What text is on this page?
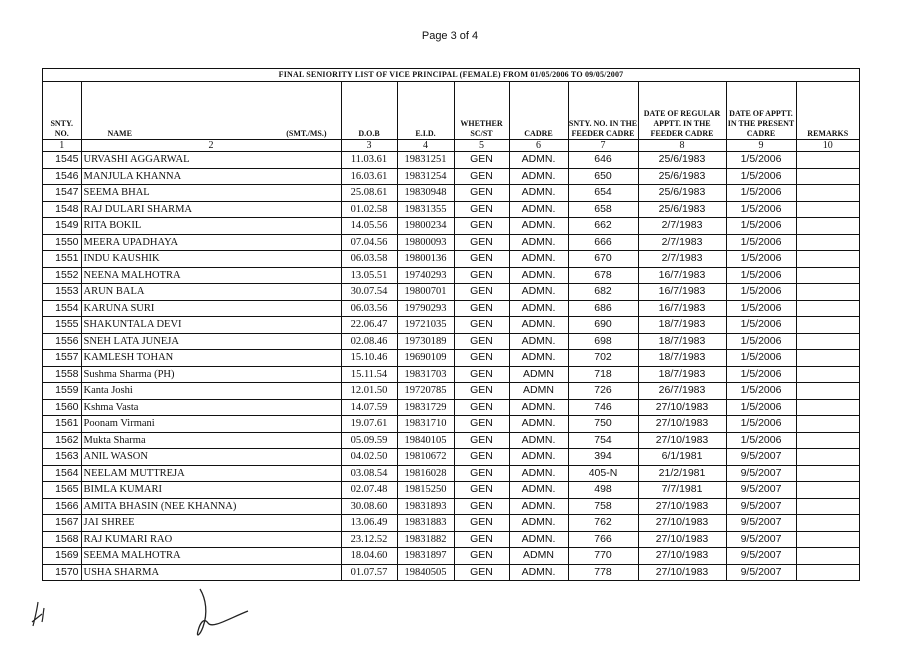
Page 3 of 4
FINAL SENIORITY LIST OF VICE PRINCIPAL (FEMALE) FROM 01/05/2006 TO 09/05/2007
SNTY. NO.	NAME (SMT./MS.)	D.O.B	E.I.D.	WHETHER SC/ST	CADRE	SNTY. NO. IN THE FEEDER CADRE	DATE OF REGULAR APPTT. IN THE FEEDER CADRE	DATE OF APPTT. IN THE PRESENT CADRE	REMARKS
1	2	3	4	5	6	7	8	9	10
1545	URVASHI AGGARWAL	11.03.61	19831251	GEN	ADMN.	646	25/6/1983	1/5/2006	
1546	MANJULA KHANNA	16.03.61	19831254	GEN	ADMN.	650	25/6/1983	1/5/2006	
1547	SEEMA BHAL	25.08.61	19830948	GEN	ADMN.	654	25/6/1983	1/5/2006	
1548	RAJ DULARI SHARMA	01.02.58	19831355	GEN	ADMN.	658	25/6/1983	1/5/2006	
1549	RITA BOKIL	14.05.56	19800234	GEN	ADMN.	662	2/7/1983	1/5/2006	
1550	MEERA UPADHAYA	07.04.56	19800093	GEN	ADMN.	666	2/7/1983	1/5/2006	
1551	INDU KAUSHIK	06.03.58	19800136	GEN	ADMN.	670	2/7/1983	1/5/2006	
1552	NEENA MALHOTRA	13.05.51	19740293	GEN	ADMN.	678	16/7/1983	1/5/2006	
1553	ARUN BALA	30.07.54	19800701	GEN	ADMN.	682	16/7/1983	1/5/2006	
1554	KARUNA SURI	06.03.56	19790293	GEN	ADMN.	686	16/7/1983	1/5/2006	
1555	SHAKUNTALA DEVI	22.06.47	19721035	GEN	ADMN.	690	18/7/1983	1/5/2006	
1556	SNEH LATA JUNEJA	02.08.46	19730189	GEN	ADMN.	698	18/7/1983	1/5/2006	
1557	KAMLESH TOHAN	15.10.46	19690109	GEN	ADMN.	702	18/7/1983	1/5/2006	
1558	Sushma Sharma (PH)	15.11.54	19831703	GEN	ADMN	718	18/7/1983	1/5/2006	
1559	Kanta Joshi	12.01.50	19720785	GEN	ADMN	726	26/7/1983	1/5/2006	
1560	Kshma Vasta	14.07.59	19831729	GEN	ADMN.	746	27/10/1983	1/5/2006	
1561	Poonam Virmani	19.07.61	19831710	GEN	ADMN.	750	27/10/1983	1/5/2006	
1562	Mukta Sharma	05.09.59	19840105	GEN	ADMN.	754	27/10/1983	1/5/2006	
1563	ANIL WASON	04.02.50	19810672	GEN	ADMN.	394	6/1/1981	9/5/2007	
1564	NEELAM MUTTREJA	03.08.54	19816028	GEN	ADMN.	405-N	21/2/1981	9/5/2007	
1565	BIMLA KUMARI	02.07.48	19815250	GEN	ADMN.	498	7/7/1981	9/5/2007	
1566	AMITA BHASIN (NEE KHANNA)	30.08.60	19831893	GEN	ADMN.	758	27/10/1983	9/5/2007	
1567	JAI SHREE	13.06.49	19831883	GEN	ADMN.	762	27/10/1983	9/5/2007	
1568	RAJ KUMARI RAO	23.12.52	19831882	GEN	ADMN.	766	27/10/1983	9/5/2007	
1569	SEEMA MALHOTRA	18.04.60	19831897	GEN	ADMN	770	27/10/1983	9/5/2007	
1570	USHA SHARMA	01.07.57	19840505	GEN	ADMN.	778	27/10/1983	9/5/2007	
